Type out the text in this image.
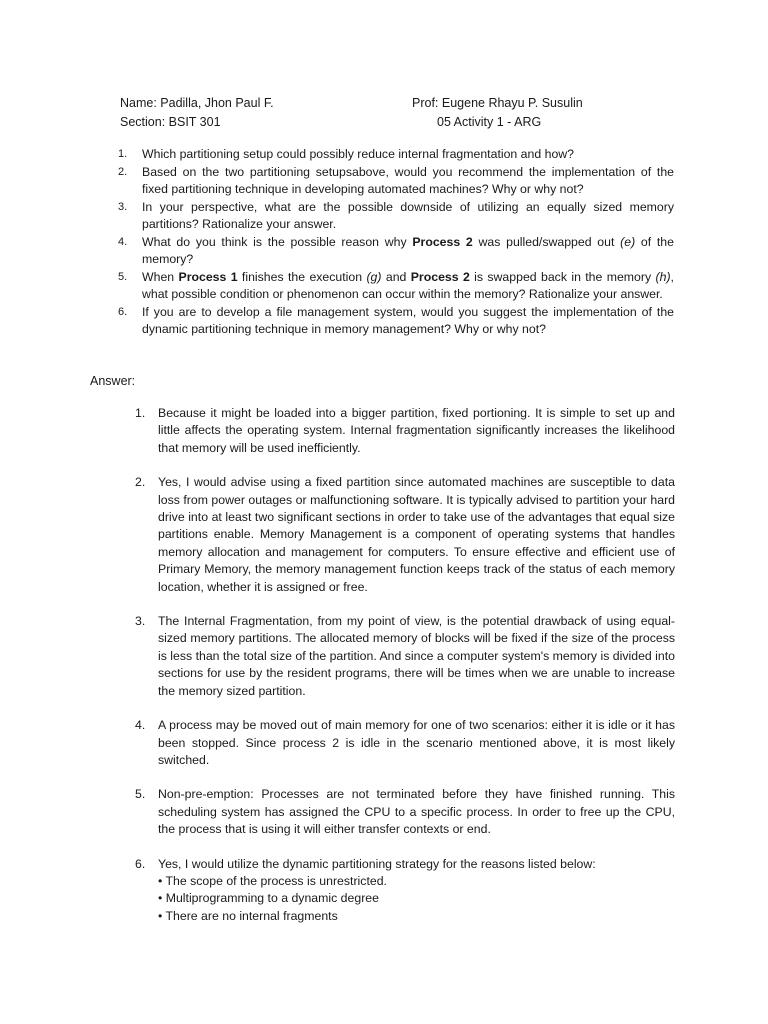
Name: Padilla, Jhon Paul F.
Section: BSIT 301
Prof: Eugene Rhayu P. Susulin
05 Activity 1 - ARG
1.	Which partitioning setup could possibly reduce internal fragmentation and how?
2.	Based on the two partitioning setupsabove, would you recommend the implementation of the fixed partitioning technique in developing automated machines? Why or why not?
3.	In your perspective, what are the possible downside of utilizing an equally sized memory partitions? Rationalize your answer.
4.	What do you think is the possible reason why Process 2 was pulled/swapped out (e) of the memory?
5.	When Process 1 finishes the execution (g) and Process 2 is swapped back in the memory (h), what possible condition or phenomenon can occur within the memory? Rationalize your answer.
6.	If you are to develop a file management system, would you suggest the implementation of the dynamic partitioning technique in memory management? Why or why not?
Answer:
1.	Because it might be loaded into a bigger partition, fixed portioning. It is simple to set up and little affects the operating system. Internal fragmentation significantly increases the likelihood that memory will be used inefficiently.
2.	Yes, I would advise using a fixed partition since automated machines are susceptible to data loss from power outages or malfunctioning software. It is typically advised to partition your hard drive into at least two significant sections in order to take use of the advantages that equal size partitions enable. Memory Management is a component of operating systems that handles memory allocation and management for computers. To ensure effective and efficient use of Primary Memory, the memory management function keeps track of the status of each memory location, whether it is assigned or free.
3.	The Internal Fragmentation, from my point of view, is the potential drawback of using equal-sized memory partitions. The allocated memory of blocks will be fixed if the size of the process is less than the total size of the partition. And since a computer system's memory is divided into sections for use by the resident programs, there will be times when we are unable to increase the memory sized partition.
4.	A process may be moved out of main memory for one of two scenarios: either it is idle or it has been stopped. Since process 2 is idle in the scenario mentioned above, it is most likely switched.
5.	Non-pre-emption: Processes are not terminated before they have finished running. This scheduling system has assigned the CPU to a specific process. In order to free up the CPU, the process that is using it will either transfer contexts or end.
6.	Yes, I would utilize the dynamic partitioning strategy for the reasons listed below:
• The scope of the process is unrestricted.
• Multiprogramming to a dynamic degree
• There are no internal fragments
